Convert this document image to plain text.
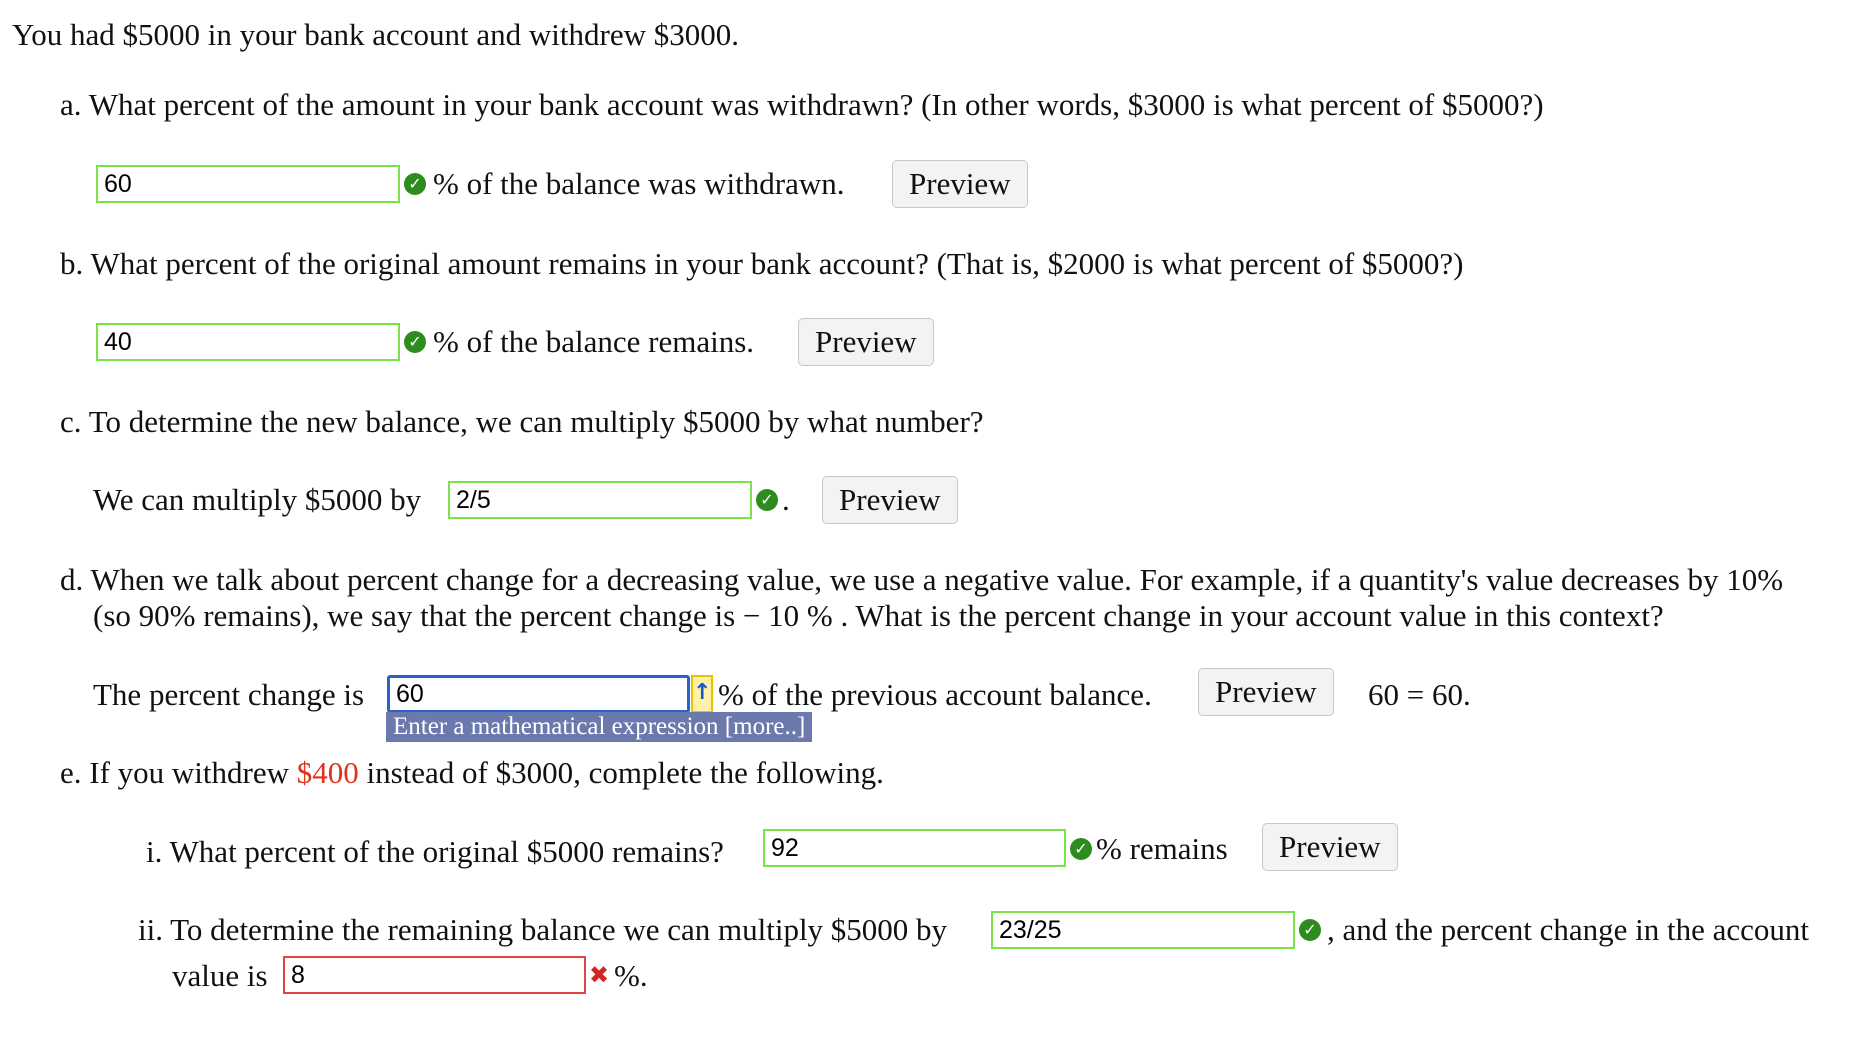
You had $5000 in your bank account and withdrew $3000.
a. What percent of the amount in your bank account was withdrawn? (In other words, $3000 is what percent of $5000?)
60
✓ % of the balance was withdrawn.	Preview
b. What percent of the original amount remains in your bank account? (That is, $2000 is what percent of $5000?)
40
✓ % of the balance remains.	Preview
c. To determine the new balance, we can multiply $5000 by what number?
We can multiply $5000 by
2/5	✓ .	Preview
d. When we talk about percent change for a decreasing value, we use a negative value. For example, if a quantity's value decreases by 10%
(so 90% remains), we say that the percent change is − 10 % . What is the percent change in your account value in this context?
The percent change is
60	↑ % of the previous account balance.	Preview	60 = 60.
Enter a mathematical expression [more..]
e. If you withdrew $400 instead of $3000, complete the following.
i. What percent of the original $5000 remains?
92	✓ % remains	Preview
ii. To determine the remaining balance we can multiply $5000 by
23/25	✓ , and the percent change in the account
value is
8	✖ %.
